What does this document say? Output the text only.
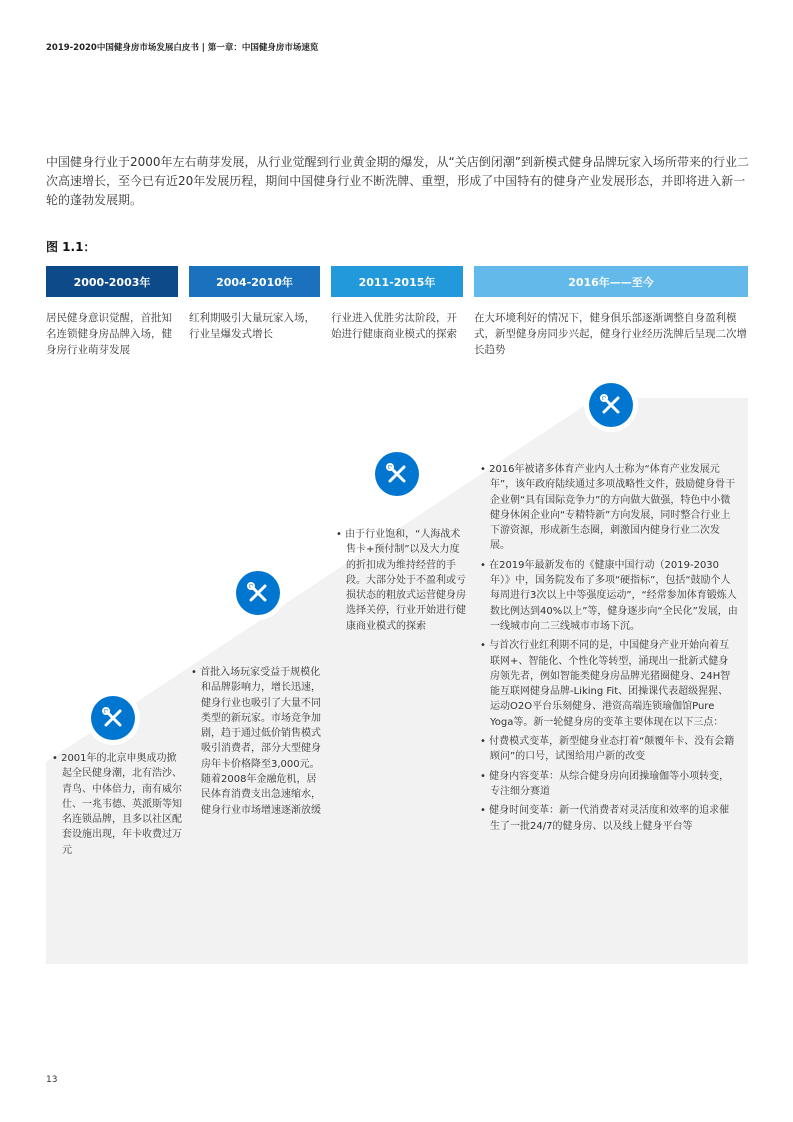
2019-2020中国健身房市场发展白皮书 | 第一章：中国健身房市场速览
中国健身行业于2000年左右萌芽发展，从行业觉醒到行业黄金期的爆发，从“关店倒闭潮”到新模式健身品牌玩家入场所带来的行业二次高速增长，至今已有近20年发展历程，期间中国健身行业不断洗牌、重塑，形成了中国特有的健身产业发展形态，并即将进入新一轮的蓬勃发展期。
图 1.1：
2000-2003年	2004-2010年	2011-2015年	2016年——至今
居民健身意识觉醒，首批知名连锁健身房品牌入场，健身房行业萌芽发展
红利期吸引大量玩家入场，行业呈爆发式增长
行业进入优胜劣汰阶段，开始进行健康商业模式的探索
在大环境利好的情况下，健身俱乐部逐渐调整自身盈利模式，新型健身房同步兴起，健身行业经历洗牌后呈现二次增长趋势

• 2001年的北京申奥成功掀起全民健身潮，北有浩沙、青鸟、中体倍力，南有威尔仕、一兆韦德、英派斯等知名连锁品牌，且多以社区配套设施出现，年卡收费过万元

• 首批入场玩家受益于规模化和品牌影响力，增长迅速，健身行业也吸引了大量不同类型的新玩家。市场竞争加剧，趋于通过低价销售模式吸引消费者，部分大型健身房年卡价格降至3,000元。随着2008年金融危机，居民体育消费支出急速缩水，健身行业市场增速逐渐放缓

• 由于行业饱和，“人海战术售卡+预付制”以及大力度的折扣成为维持经营的手段。大部分处于不盈利或亏损状态的粗放式运营健身房选择关停，行业开始进行健康商业模式的探索

• 2016年被诸多体育产业内人士称为“体育产业发展元年”，该年政府陆续通过多项战略性文件，鼓励健身骨干企业朝“具有国际竞争力”的方向做大做强，特色中小微健身休闲企业向“专精特新”方向发展，同时整合行业上下游资源，形成新生态圈，刺激国内健身行业二次发展。

• 在2019年最新发布的《健康中国行动（2019-2030年）》中，国务院发布了多项“硬指标”，包括“鼓励个人每周进行3次以上中等强度运动”，“经常参加体育锻炼人数比例达到40%以上”等，健身逐步向“全民化”发展，由一线城市向二三线城市市场下沉。

• 与首次行业红利期不同的是，中国健身产业开始向着互联网+、智能化、个性化等转型，涌现出一批新式健身房领先者，例如智能类健身房品牌光猪圈健身、24H智能互联网健身品牌-Liking Fit、团操课代表超级猩猩、运动O2O平台乐刻健身、港资高端连锁瑜伽馆Pure Yoga等。新一轮健身房的变革主要体现在以下三点：

• 付费模式变革，新型健身业态打着“颠覆年卡、没有会籍顾问”的口号，试图给用户新的改变

• 健身内容变革：从综合健身房向团操瑜伽等小项转变，专注细分赛道

• 健身时间变革：新一代消费者对灵活度和效率的追求催生了一批24/7的健身房、以及线上健身平台等

13
